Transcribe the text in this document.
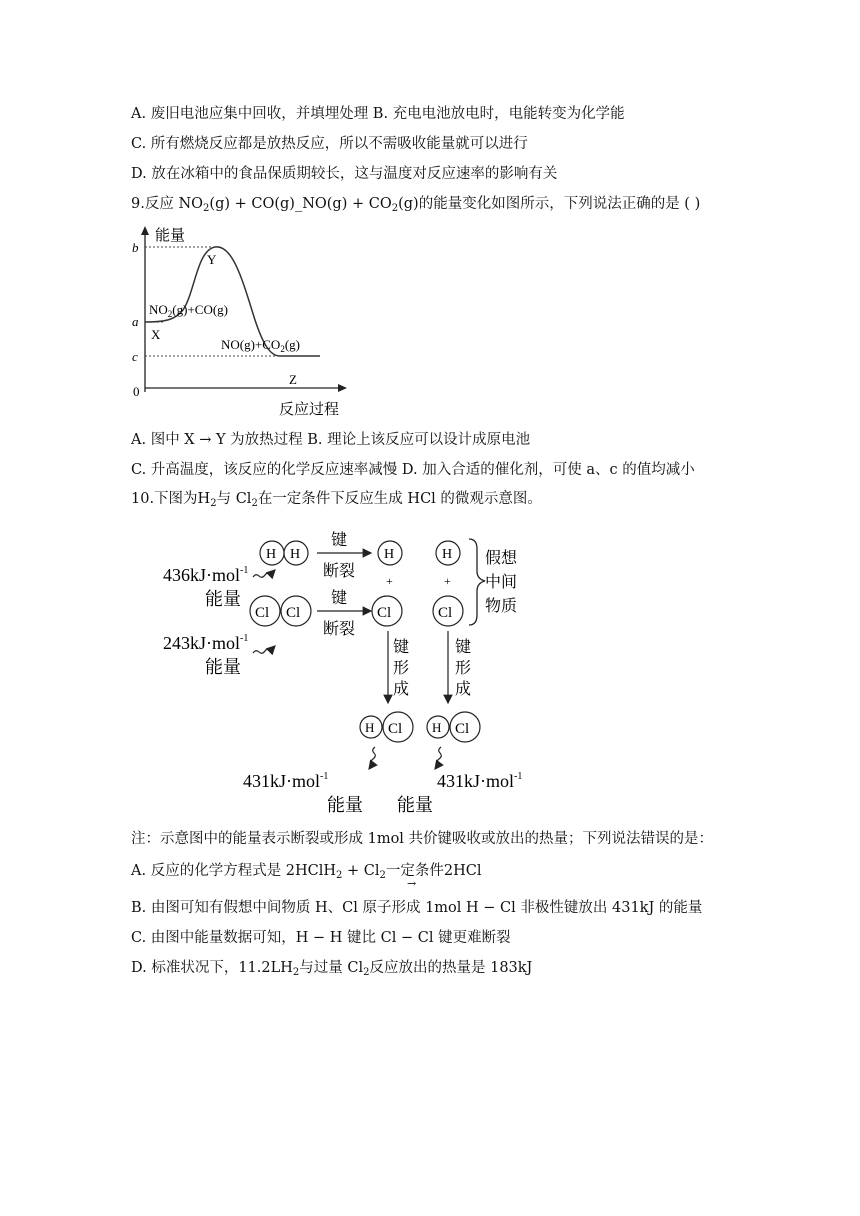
A. 废旧电池应集中回收，并填埋处理 B. 充电电池放电时，电能转变为化学能
C. 所有燃烧反应都是放热反应，所以不需吸收能量就可以进行
D. 放在冰箱中的食品保质期较长，这与温度对反应速率的影响有关
9.反应 $NO_2(g)$ + CO(g)_NO(g) + $CO_2(g)$的能量变化如图所示，下列说法正确的是 ( )
能量
b
a
c
0
Y
X
Z
$NO_2(g)+CO(g)$
$NO(g)+CO_2(g)$
反应过程
A. 图中 X → Y 为放热过程 B. 理论上该反应可以设计成原电池
C. 升高温度，该反应的化学反应速率减慢 D. 加入合适的催化剂，可使 a、c 的值均减小
10.下图为$H_2$与 $Cl_2$在一定条件下反应生成 HCl 的微观示意图。
H H
Cl Cl
键
断裂
键
断裂
H
+
Cl
H
+
Cl
假想
中间
物质
键
形
成
键
形
成
H Cl H Cl
436kJ·mol$^{-1}$
能量
243kJ·mol$^{-1}$
能量
431kJ·mol$^{-1}$
能量
431kJ·mol$^{-1}$
能量
注：示意图中的能量表示断裂或形成 1mol 共价键吸收或放出的热量；下列说法错误的是：
A. 反应的化学方程式是 2HClH$_2$ + $Cl_2$一定条件2HCl
→
B. 由图可知有假想中间物质 H、Cl 原子形成 1mol H − Cl 非极性键放出 431kJ 的能量
C. 由图中能量数据可知，H − H 键比 Cl − Cl 键更难断裂
D. 标准状况下，$11.2LH_2$与过量 $Cl_2$反应放出的热量是 183kJ
